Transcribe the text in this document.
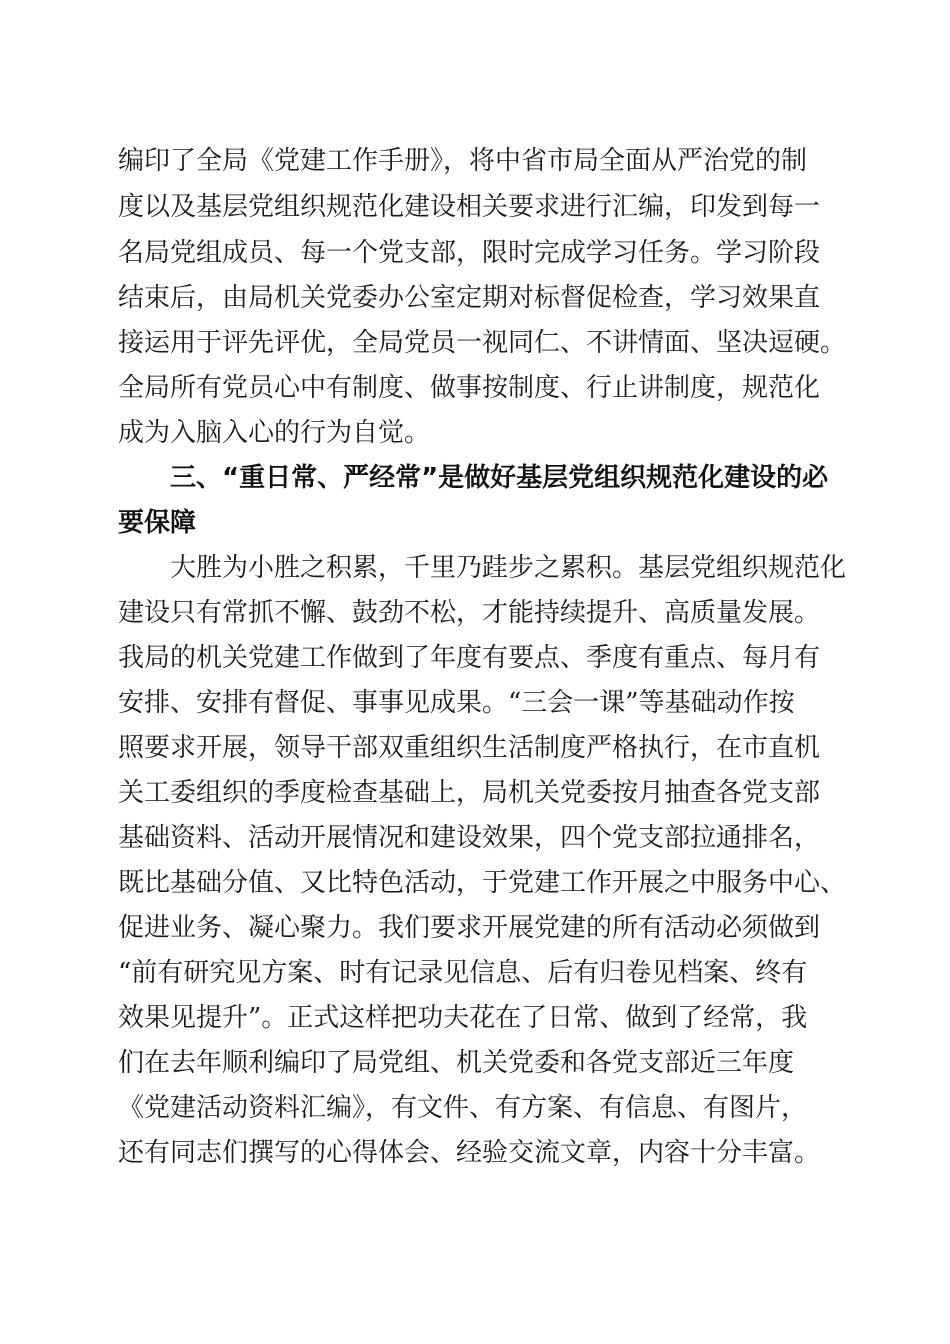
编印了全局《党建工作手册》，将中省市局全面从严治党的制

度以及基层党组织规范化建设相关要求进行汇编，印发到每一

名局党组成员、每一个党支部，限时完成学习任务。学习阶段

结束后，由局机关党委办公室定期对标督促检查，学习效果直

接运用于评先评优，全局党员一视同仁、不讲情面、坚决逗硬。

全局所有党员心中有制度、做事按制度、行止讲制度，规范化

成为入脑入心的行为自觉。

三、“重日常、严经常”是做好基层党组织规范化建设的必

要保障

大胜为小胜之积累，千里乃跬步之累积。基层党组织规范化

建设只有常抓不懈、鼓劲不松，才能持续提升、高质量发展。

我局的机关党建工作做到了年度有要点、季度有重点、每月有

安排、安排有督促、事事见成果。“三会一课”等基础动作按

照要求开展，领导干部双重组织生活制度严格执行，在市直机

关工委组织的季度检查基础上，局机关党委按月抽查各党支部

基础资料、活动开展情况和建设效果，四个党支部拉通排名，

既比基础分值、又比特色活动，于党建工作开展之中服务中心、

促进业务、凝心聚力。我们要求开展党建的所有活动必须做到

“前有研究见方案、时有记录见信息、后有归卷见档案、终有

效果见提升”。正式这样把功夫花在了日常、做到了经常，我

们在去年顺利编印了局党组、机关党委和各党支部近三年度

《党建活动资料汇编》，有文件、有方案、有信息、有图片，

还有同志们撰写的心得体会、经验交流文章，内容十分丰富。
